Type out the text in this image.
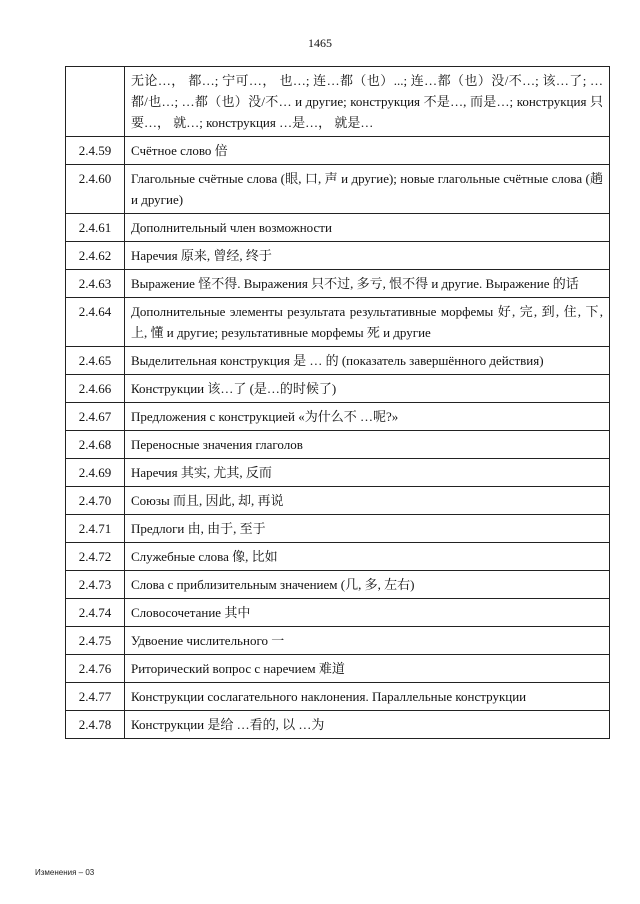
1465
	无论…， 都…; 宁可…， 也…; 连…都（也）...; 连…都（也）没/不…; 该…了; …都/也…; …都（也）没/不… и другие; конструкция 不是…, 而是…; конструкция 只要…， 就…; конструкция …是…， 就是…
2.4.59	Счётное слово 倍
2.4.60	Глагольные счётные слова (眼, 口, 声 и другие); новые глагольные счётные слова (趟 и другие)
2.4.61	Дополнительный член возможности
2.4.62	Наречия 原来, 曾经, 终于
2.4.63	Выражение 怪不得. Выражения 只不过, 多亏, 恨不得 и другие. Выражение 的话
2.4.64	Дополнительные элементы результата результативные морфемы 好, 完, 到, 住, 下, 上, 懂 и другие; результативные морфемы 死 и другие
2.4.65	Выделительная конструкция 是 … 的 (показатель завершённого действия)
2.4.66	Конструкции 该…了 (是…的时候了)
2.4.67	Предложения с конструкцией «为什么不 …呢?»
2.4.68	Переносные значения глаголов
2.4.69	Наречия 其实, 尤其, 反而
2.4.70	Союзы 而且, 因此, 却, 再说
2.4.71	Предлоги 由, 由于, 至于
2.4.72	Служебные слова 像, 比如
2.4.73	Слова с приблизительным значением (几, 多, 左右)
2.4.74	Словосочетание 其中
2.4.75	Удвоение числительного 一
2.4.76	Риторический вопрос с наречием 难道
2.4.77	Конструкции сослагательного наклонения. Параллельные конструкции
2.4.78	Конструкции 是给 …看的, 以 …为
Изменения – 03
